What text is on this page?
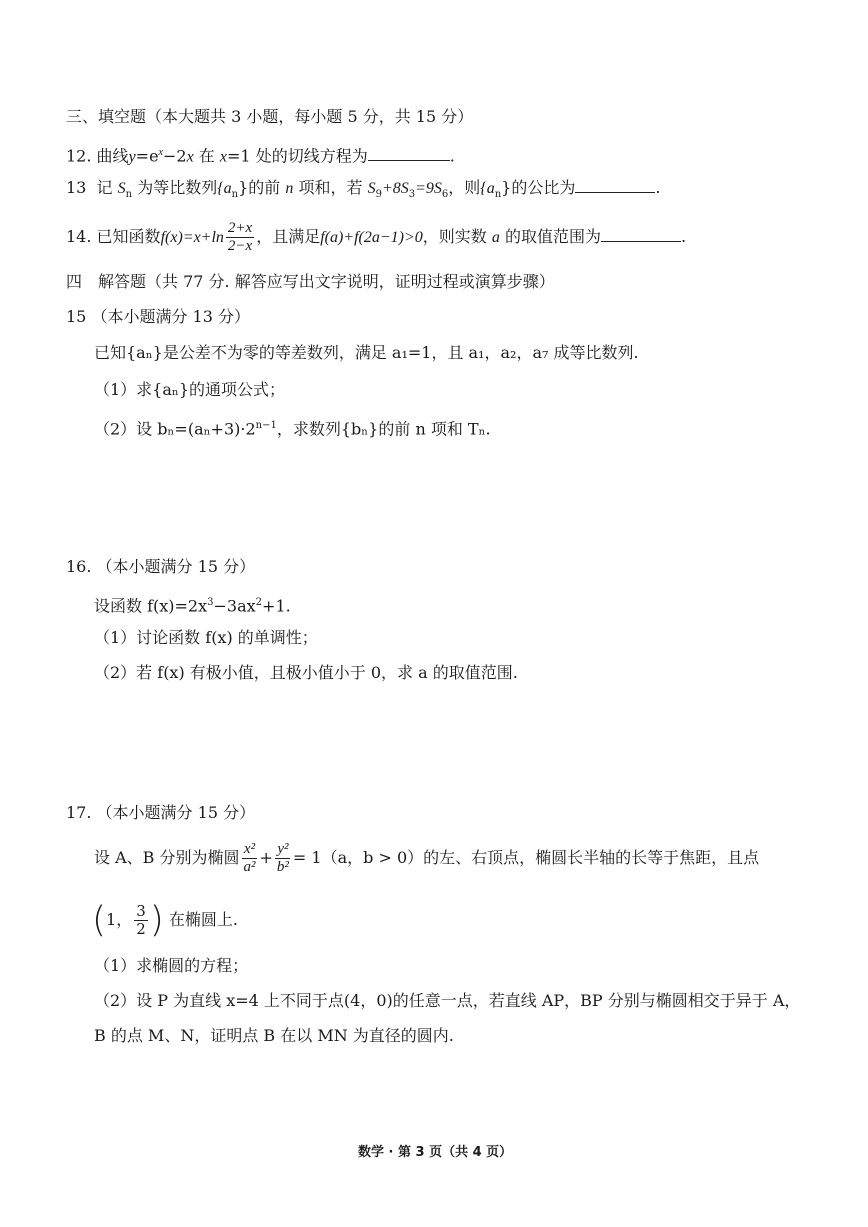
三、填空题（本大题共 3 小题，每小题 5 分，共 15 分）
12. 曲线$y=e^x-2x$ 在 x=1 处的切线方程为	.
13 记 $S_n$ 为等比数列$\{a_n\}$的前 n 项和，若 $S_9+8S_3=9S_6$，则$\{a_n\}$的公比为	.
14. 已知函数$f(x)=x+\ln \frac{2+x}{2-x}$ ，且满足f(a)+f(2a−1)>0，则实数 a 的取值范围为	.
四　解答题（共 77 分. 解答应写出文字说明，证明过程或演算步骤）
15 （本小题满分 13 分）
已知{aₙ}是公差不为零的等差数列，满足 a₁=1，且 a₁，a₂，a₇ 成等比数列.
（1）求{aₙ}的通项公式；
（2）设 $b_n=(a_n+3)\cdot 2^{n-1}$，求数列{bₙ}的前 n 项和 Tₙ.
16. （本小题满分 15 分）
设函数 $f(x)=2x^3-3ax^2+1$.
（1）讨论函数 f(x) 的单调性；
（2）若 f(x) 有极小值，且极小值小于 0，求 a 的取值范围.
17. （本小题满分 15 分）
设 A、B 分别为椭圆 $\frac{\text{x²}}{\text{a²}} + \frac{\text{y²}}{\text{b²}} = 1(a$，b > 0）的左、右顶点，椭圆长半轴的长等于焦距，且点
(1， $\frac{3}{2}$ ) 在椭圆上.
（1）求椭圆的方程；
（2）设 P 为直线 x=4 上不同于点(4，0)的任意一点，若直线 AP，BP 分别与椭圆相交于异于 A，
B 的点 M、N，证明点 B 在以 MN 为直径的圆内.
数学 · 第 3 页（共 4 页）
